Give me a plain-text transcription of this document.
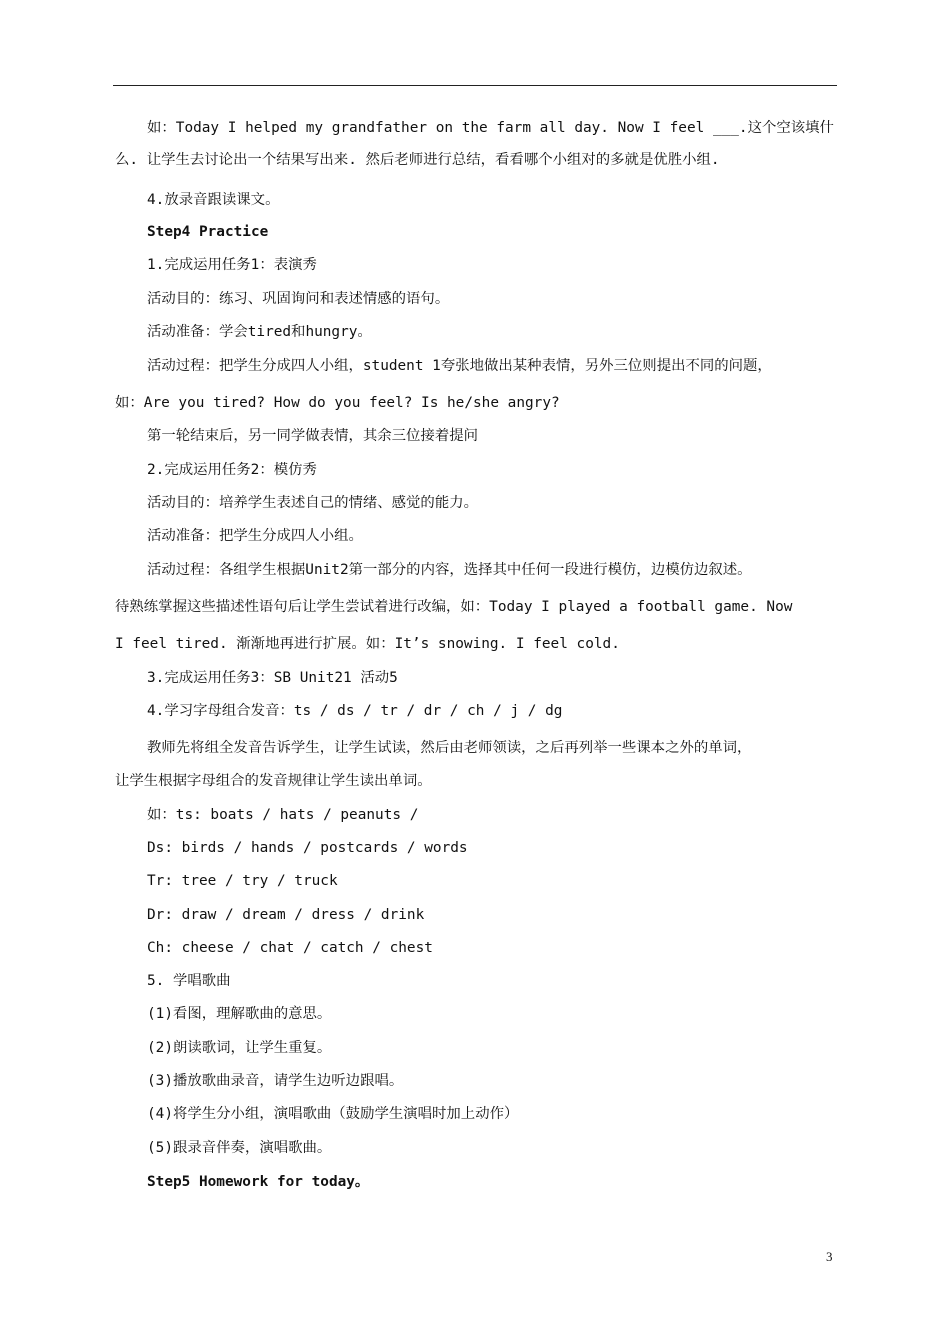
如：Today I helped my grandfather on the farm all day. Now I feel ___.这个空该填什

么. 让学生去讨论出一个结果写出来. 然后老师进行总结，看看哪个小组对的多就是优胜小组.

4.放录音跟读课文。

Step4 Practice

1.完成运用任务1：表演秀

活动目的：练习、巩固询问和表述情感的语句。

活动准备：学会tired和hungry。

活动过程：把学生分成四人小组，student 1夸张地做出某种表情，另外三位则提出不同的问题，

如：Are you tired? How do you feel? Is he/she angry?

第一轮结束后，另一同学做表情，其余三位接着提问

2.完成运用任务2：模仿秀

活动目的：培养学生表述自己的情绪、感觉的能力。

活动准备：把学生分成四人小组。

活动过程：各组学生根据Unit2第一部分的内容，选择其中任何一段进行模仿，边模仿边叙述。

待熟练掌握这些描述性语句后让学生尝试着进行改编，如：Today I played a football game. Now

I feel tired. 渐渐地再进行扩展。如：It’s snowing. I feel cold.

3.完成运用任务3：SB Unit21 活动5

4.学习字母组合发音：ts / ds / tr / dr / ch / j / dg

教师先将组全发音告诉学生，让学生试读，然后由老师领读，之后再列举一些课本之外的单词，

让学生根据字母组合的发音规律让学生读出单词。

如：ts: boats / hats / peanuts /

Ds: birds / hands / postcards / words

Tr: tree / try / truck

Dr: draw / dream / dress / drink

Ch: cheese / chat / catch / chest

5. 学唱歌曲

(1)看图，理解歌曲的意思。

(2)朗读歌词，让学生重复。

(3)播放歌曲录音，请学生边听边跟唱。

(4)将学生分小组，演唱歌曲（鼓励学生演唱时加上动作）

(5)跟录音伴奏，演唱歌曲。

Step5 Homework for today。

3
